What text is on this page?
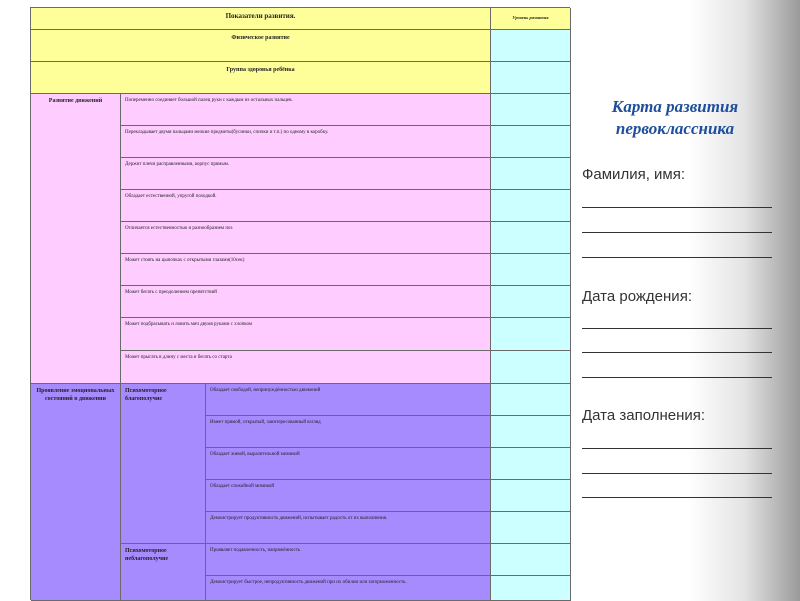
Показатели развития.	Уровень развития
Физическое развитие
Группа здоровья ребёнка
Развитие движений	Попеременно соединяет большой палец руки с каждым из остальных пальцев.
Перекладывает двумя пальцами мелкие предметы(бусинки, спички и т.п.) по одному в коробку.
Держит плечи расправленными, корпус прямым.
Обладает естественной, упругой походкой.
Отличается естественностью и разнообразием поз
Может стоять на цыпочках с открытыми глазами(10сек)
Может бегать с преодолением препятствий
Может подбрасывать и ловить мяч двумя руками с хлопком
Может прыгать в длину с места и бегать со старта
Проявление эмоциональных состояний в движении
Психомоторное благополучие
Обладает свободой, непринуждённостью движений
Имеет прямой, открытый, заинтересованный взгляд
Обладает живой, выразительной мимикой
Обладает спокойной мимикой
Демонстрирует продуктивность движений, испытывает радость от их выполнения.
Психомоторное неблагополучие
Проявляет подавленность, напряжённость
Демонстрирует быстрое, непродуктивность движений при их обилии или заторможенность.
Карта развития первоклассника
Фамилия, имя:
Дата рождения:
Дата заполнения:
